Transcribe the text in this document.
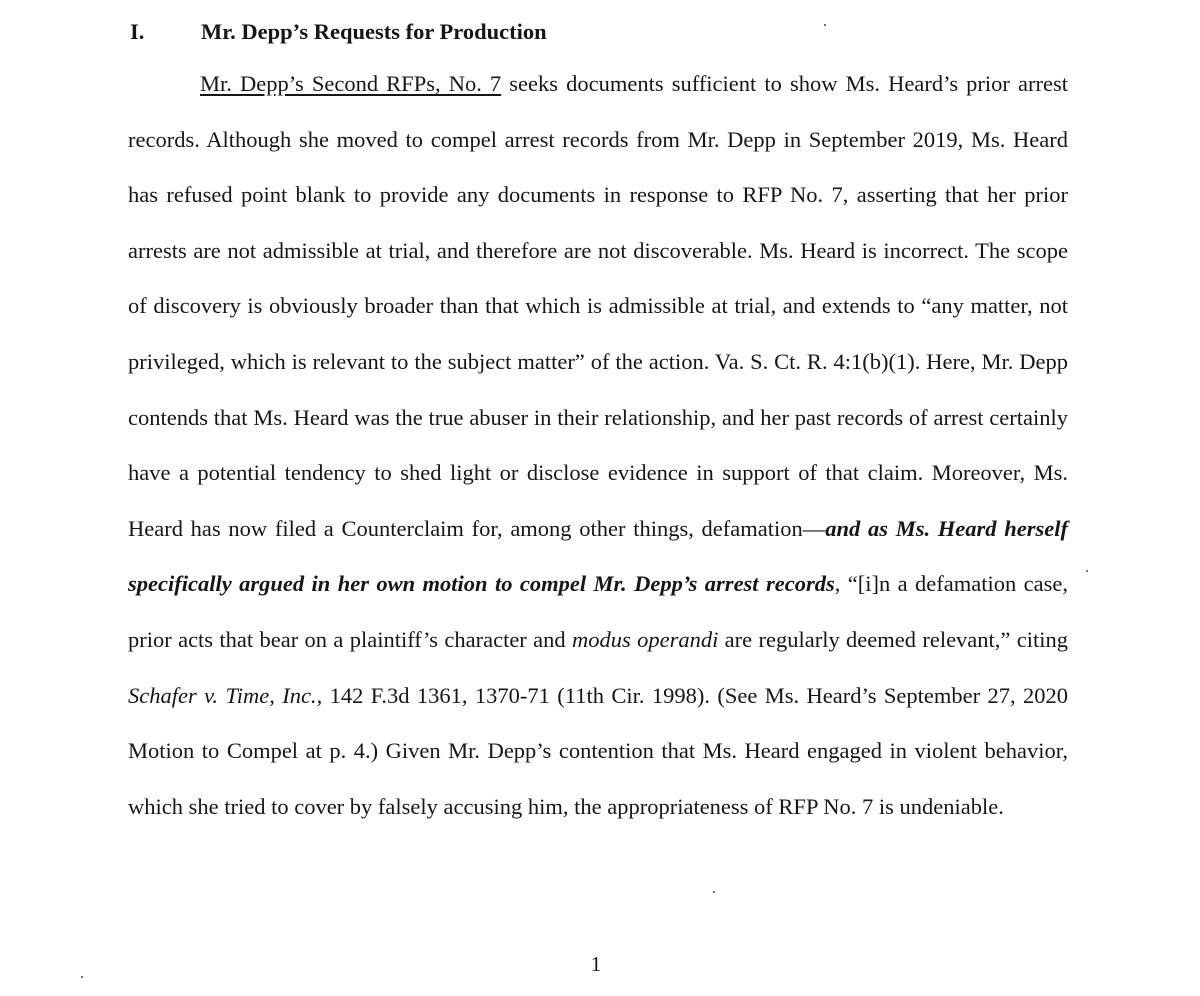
I.	Mr. Depp’s Requests for Production

Mr. Depp’s Second RFPs, No. 7 seeks documents sufficient to show Ms. Heard’s prior arrest records. Although she moved to compel arrest records from Mr. Depp in September 2019, Ms. Heard has refused point blank to provide any documents in response to RFP No. 7, asserting that her prior arrests are not admissible at trial, and therefore are not discoverable. Ms. Heard is incorrect. The scope of discovery is obviously broader than that which is admissible at trial, and extends to “any matter, not privileged, which is relevant to the subject matter” of the action. Va. S. Ct. R. 4:1(b)(1). Here, Mr. Depp contends that Ms. Heard was the true abuser in their relationship, and her past records of arrest certainly have a potential tendency to shed light or disclose evidence in support of that claim. Moreover, Ms. Heard has now filed a Counterclaim for, among other things, defamation—and as Ms. Heard herself specifically argued in her own motion to compel Mr. Depp’s arrest records, “[i]n a defamation case, prior acts that bear on a plaintiff’s character and modus operandi are regularly deemed relevant,” citing Schafer v. Time, Inc., 142 F.3d 1361, 1370-71 (11th Cir. 1998). (See Ms. Heard’s September 27, 2020 Motion to Compel at p. 4.) Given Mr. Depp’s contention that Ms. Heard engaged in violent behavior, which she tried to cover by falsely accusing him, the appropriateness of RFP No. 7 is undeniable.

1
